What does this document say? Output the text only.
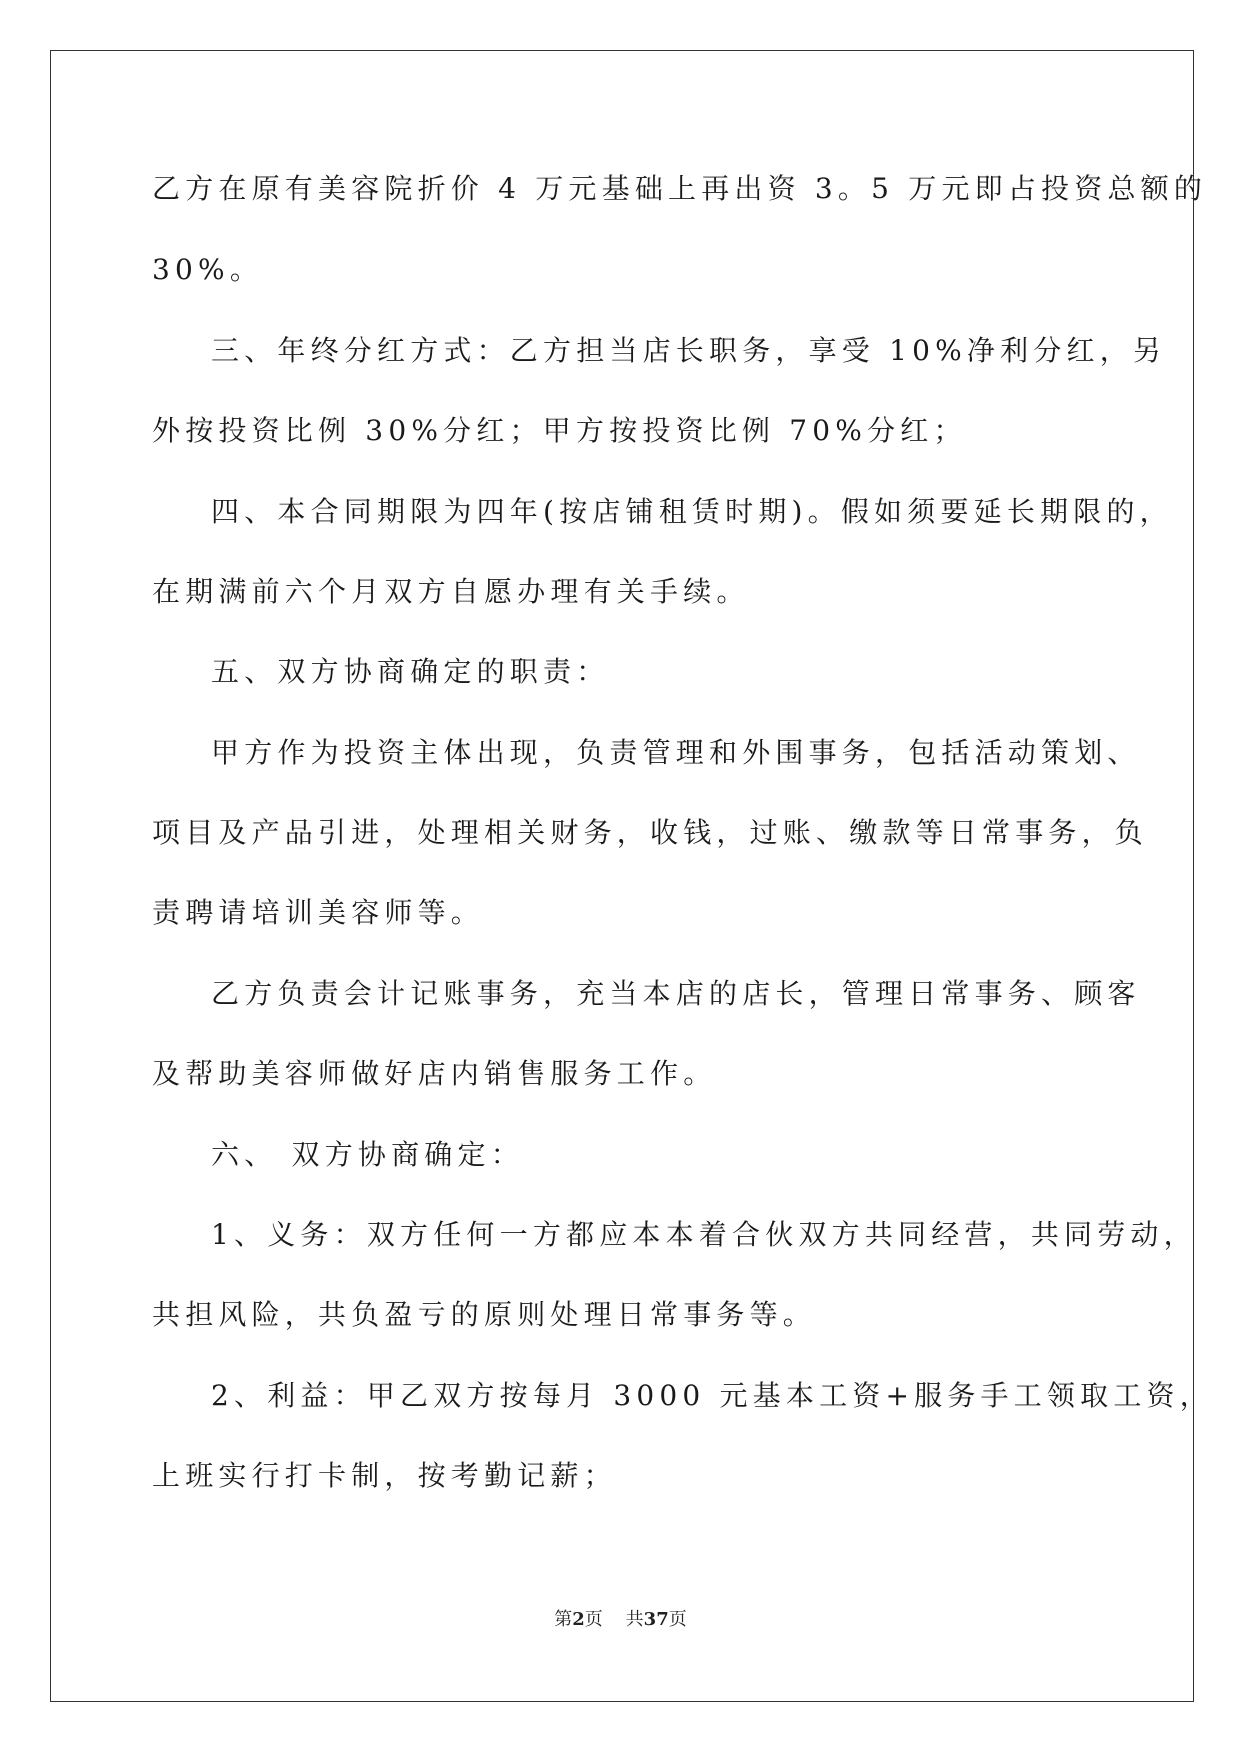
乙方在原有美容院折价 4 万元基础上再出资 3。5 万元即占投资总额的
30%。
三、年终分红方式：乙方担当店长职务，享受 10%净利分红，另
外按投资比例 30%分红；甲方按投资比例 70%分红；
四、本合同期限为四年(按店铺租赁时期)。假如须要延长期限的，
在期满前六个月双方自愿办理有关手续。
五、双方协商确定的职责：
甲方作为投资主体出现，负责管理和外围事务，包括活动策划、
项目及产品引进，处理相关财务，收钱，过账、缴款等日常事务，负
责聘请培训美容师等。
乙方负责会计记账事务，充当本店的店长，管理日常事务、顾客
及帮助美容师做好店内销售服务工作。
六、 双方协商确定：
1、义务：双方任何一方都应本本着合伙双方共同经营，共同劳动，
共担风险，共负盈亏的原则处理日常事务等。
2、利益：甲乙双方按每月 3000 元基本工资+服务手工领取工资，
上班实行打卡制，按考勤记薪；
第2页 共37页
